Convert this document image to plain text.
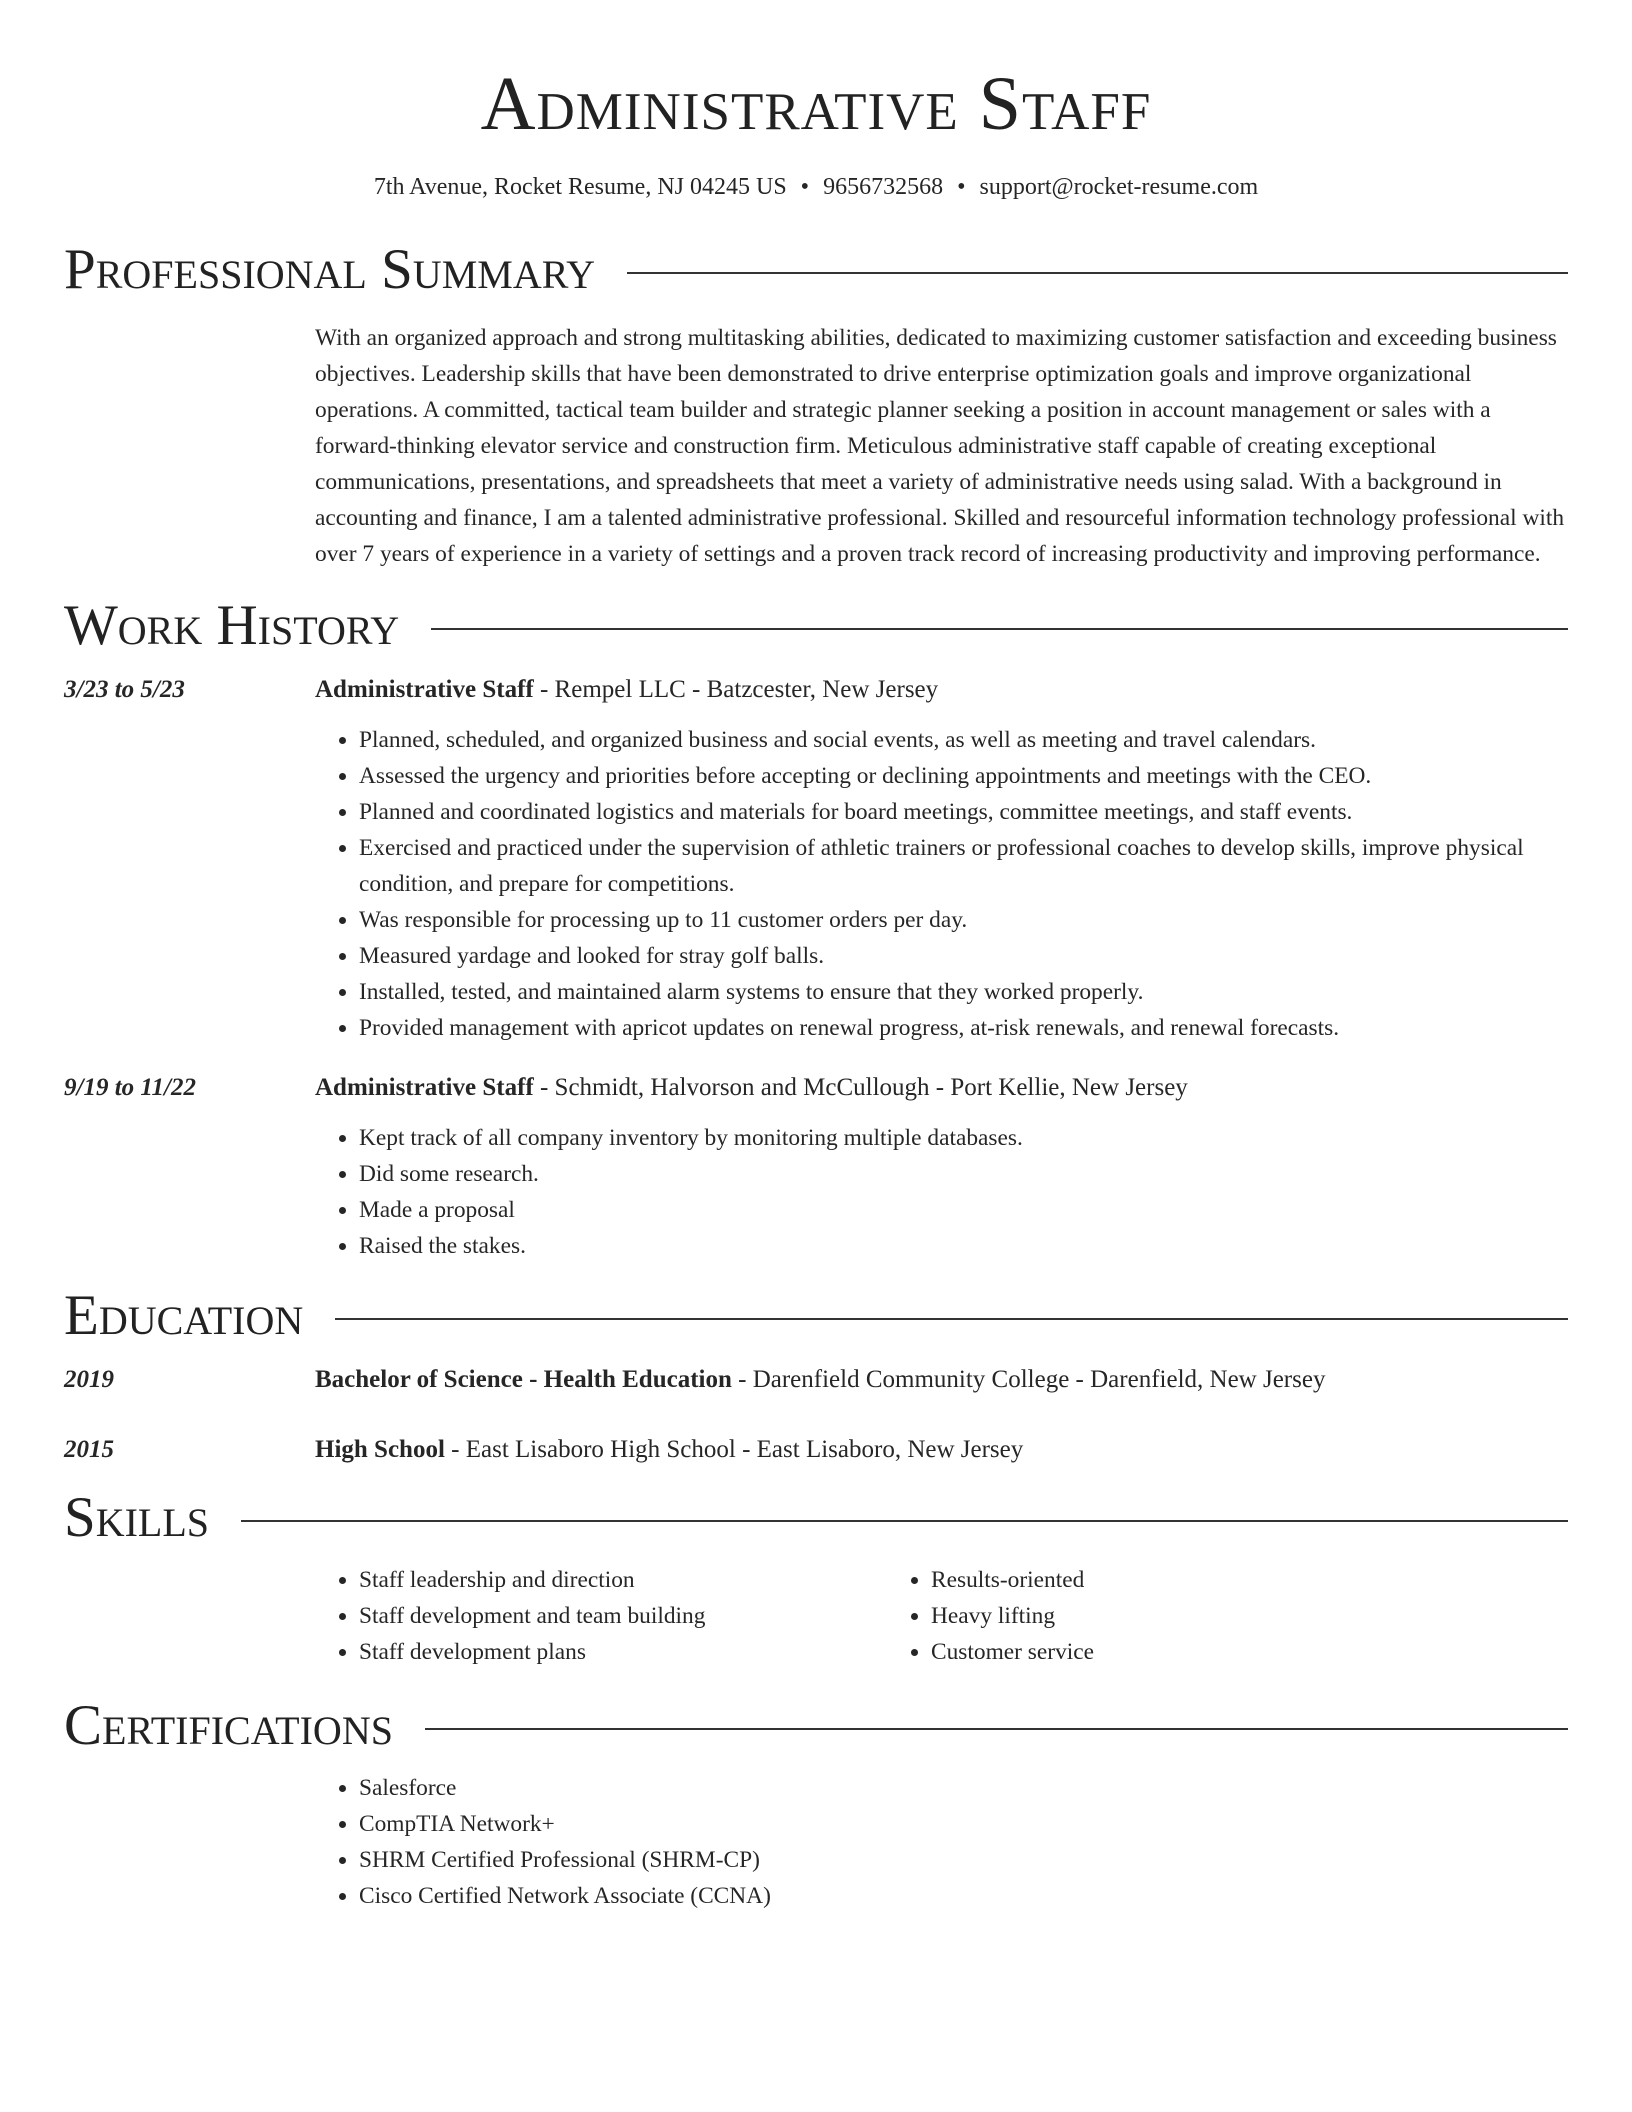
Administrative Staff
7th Avenue, Rocket Resume, NJ 04245 US • 9656732568 • support@rocket-resume.com
Professional Summary
With an organized approach and strong multitasking abilities, dedicated to maximizing customer satisfaction and exceeding business objectives. Leadership skills that have been demonstrated to drive enterprise optimization goals and improve organizational operations. A committed, tactical team builder and strategic planner seeking a position in account management or sales with a forward-thinking elevator service and construction firm. Meticulous administrative staff capable of creating exceptional communications, presentations, and spreadsheets that meet a variety of administrative needs using salad. With a background in accounting and finance, I am a talented administrative professional. Skilled and resourceful information technology professional with over 7 years of experience in a variety of settings and a proven track record of increasing productivity and improving performance.
Work History
3/23 to 5/23	Administrative Staff - Rempel LLC - Batzcester, New Jersey
• Planned, scheduled, and organized business and social events, as well as meeting and travel calendars.
• Assessed the urgency and priorities before accepting or declining appointments and meetings with the CEO.
• Planned and coordinated logistics and materials for board meetings, committee meetings, and staff events.
• Exercised and practiced under the supervision of athletic trainers or professional coaches to develop skills, improve physical condition, and prepare for competitions.
• Was responsible for processing up to 11 customer orders per day.
• Measured yardage and looked for stray golf balls.
• Installed, tested, and maintained alarm systems to ensure that they worked properly.
• Provided management with apricot updates on renewal progress, at-risk renewals, and renewal forecasts.
9/19 to 11/22	Administrative Staff - Schmidt, Halvorson and McCullough - Port Kellie, New Jersey
• Kept track of all company inventory by monitoring multiple databases.
• Did some research.
• Made a proposal
• Raised the stakes.
Education
2019	Bachelor of Science - Health Education - Darenfield Community College - Darenfield, New Jersey
2015	High School - East Lisaboro High School - East Lisaboro, New Jersey
Skills
• Staff leadership and direction
• Staff development and team building
• Staff development plans
• Results-oriented
• Heavy lifting
• Customer service
Certifications
• Salesforce
• CompTIA Network+
• SHRM Certified Professional (SHRM-CP)
• Cisco Certified Network Associate (CCNA)
